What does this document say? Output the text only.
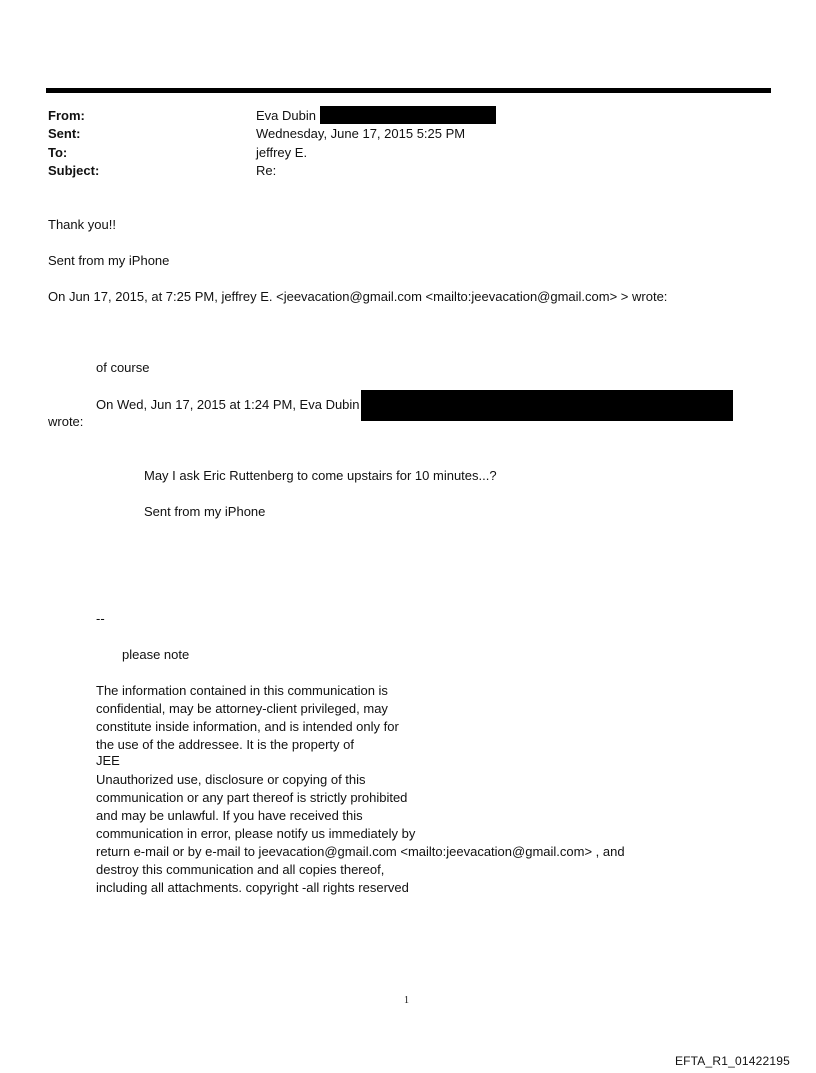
From:	Eva Dubin
Sent:	Wednesday, June 17, 2015 5:25 PM
To:	jeffrey E.
Subject:	Re:
Thank you!!
Sent from my iPhone
On Jun 17, 2015, at 7:25 PM, jeffrey E. <jeevacation@gmail.com <mailto:jeevacation@gmail.com> > wrote:
of course
On Wed, Jun 17, 2015 at 1:24 PM, Eva Dubin
wrote:
May I ask Eric Ruttenberg to come upstairs for 10 minutes...?
Sent from my iPhone
--
please note
The information contained in this communication is
confidential, may be attorney-client privileged, may
constitute inside information, and is intended only for
the use of the addressee. It is the property of
JEE
Unauthorized use, disclosure or copying of this
communication or any part thereof is strictly prohibited
and may be unlawful. If you have received this
communication in error, please notify us immediately by
return e-mail or by e-mail to jeevacation@gmail.com <mailto:jeevacation@gmail.com> , and
destroy this communication and all copies thereof,
including all attachments. copyright -all rights reserved
1
EFTA_R1_01422195
